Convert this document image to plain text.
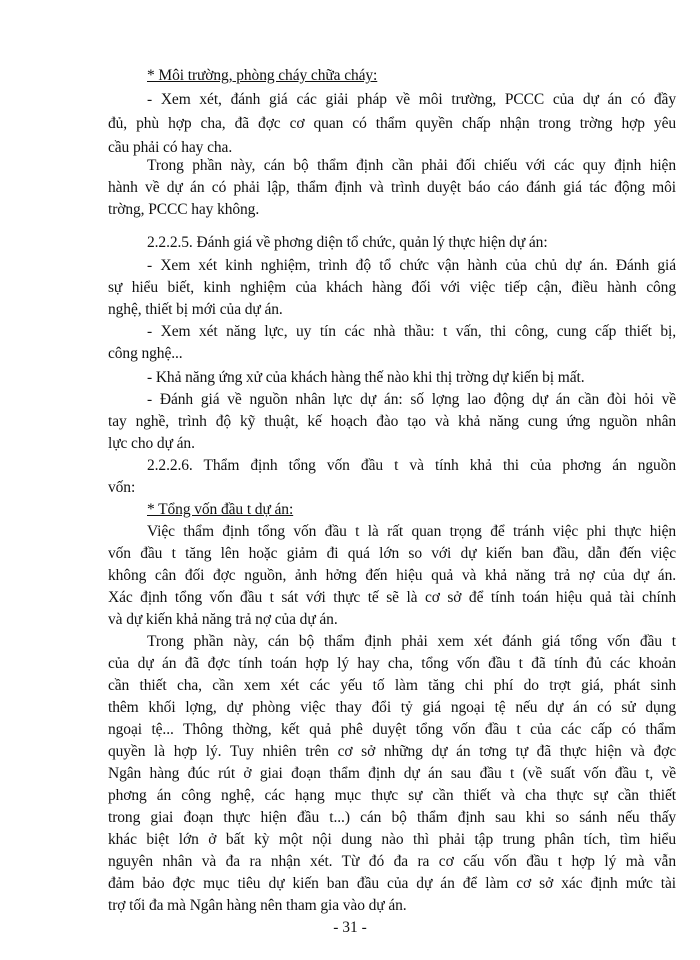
* Môi trường, phòng cháy chữa cháy:
- Xem xét, đánh giá các giải pháp về môi trường, PCCC của dự án có đầy
đủ, phù hợp cha, đã đợc cơ quan có thẩm quyền chấp nhận trong trờng hợp yêu
cầu phải có hay cha.
Trong phần này, cán bộ thẩm định cần phải đối chiếu với các quy định hiện
hành về dự án có phải lập, thẩm định và trình duyệt báo cáo đánh giá tác động môi
trờng, PCCC hay không.
2.2.2.5. Đánh giá về phơng diện tổ chức, quản lý thực hiện dự án:
- Xem xét kinh nghiệm, trình độ tổ chức vận hành của chủ dự án. Đánh giá
sự hiểu biết, kinh nghiệm của khách hàng đối với việc tiếp cận, điều hành công
nghệ, thiết bị mới của dự án.
- Xem xét năng lực, uy tín các nhà thầu: t vấn, thi công, cung cấp thiết bị,
công nghệ...
- Khả năng ứng xử của khách hàng thế nào khi thị trờng dự kiến bị mất.
- Đánh giá về nguồn nhân lực dự án: số lợng lao động dự án cần đòi hỏi về
tay nghề, trình độ kỹ thuật, kế hoạch đào tạo và khả năng cung ứng nguồn nhân
lực cho dự án.
2.2.2.6. Thẩm định tổng vốn đầu t và tính khả thi của phơng án nguồn
vốn:
* Tổng vốn đầu t dự án:
Việc thẩm định tổng vốn đầu t là rất quan trọng để tránh việc phi thực hiện
vốn đầu t tăng lên hoặc giảm đi quá lớn so với dự kiến ban đầu, dẫn đến việc
không cân đối đợc nguồn, ảnh hởng đến hiệu quả và khả năng trả nợ của dự án.
Xác định tổng vốn đầu t sát với thực tế sẽ là cơ sở để tính toán hiệu quả tài chính
và dự kiến khả năng trả nợ của dự án.
Trong phần này, cán bộ thẩm định phải xem xét đánh giá tổng vốn đầu t
của dự án đã đợc tính toán hợp lý hay cha, tổng vốn đầu t đã tính đủ các khoản
cần thiết cha, cần xem xét các yếu tố làm tăng chi phí do trợt giá, phát sinh
thêm khối lợng, dự phòng việc thay đổi tỷ giá ngoại tệ nếu dự án có sử dụng
ngoại tệ... Thông thờng, kết quả phê duyệt tổng vốn đầu t của các cấp có thẩm
quyền là hợp lý. Tuy nhiên trên cơ sở những dự án tơng tự đã thực hiện và đợc
Ngân hàng đúc rút ở giai đoạn thẩm định dự án sau đầu t (về suất vốn đầu t, về
phơng án công nghệ, các hạng mục thực sự cần thiết và cha thực sự cần thiết
trong giai đoạn thực hiện đầu t...) cán bộ thẩm định sau khi so sánh nếu thấy
khác biệt lớn ở bất kỳ một nội dung nào thì phải tập trung phân tích, tìm hiểu
nguyên nhân và đa ra nhận xét. Từ đó đa ra cơ cấu vốn đầu t hợp lý mà vẫn
đảm bảo đợc mục tiêu dự kiến ban đầu của dự án để làm cơ sở xác định mức tài
trợ tối đa mà Ngân hàng nên tham gia vào dự án.
- 31 -
